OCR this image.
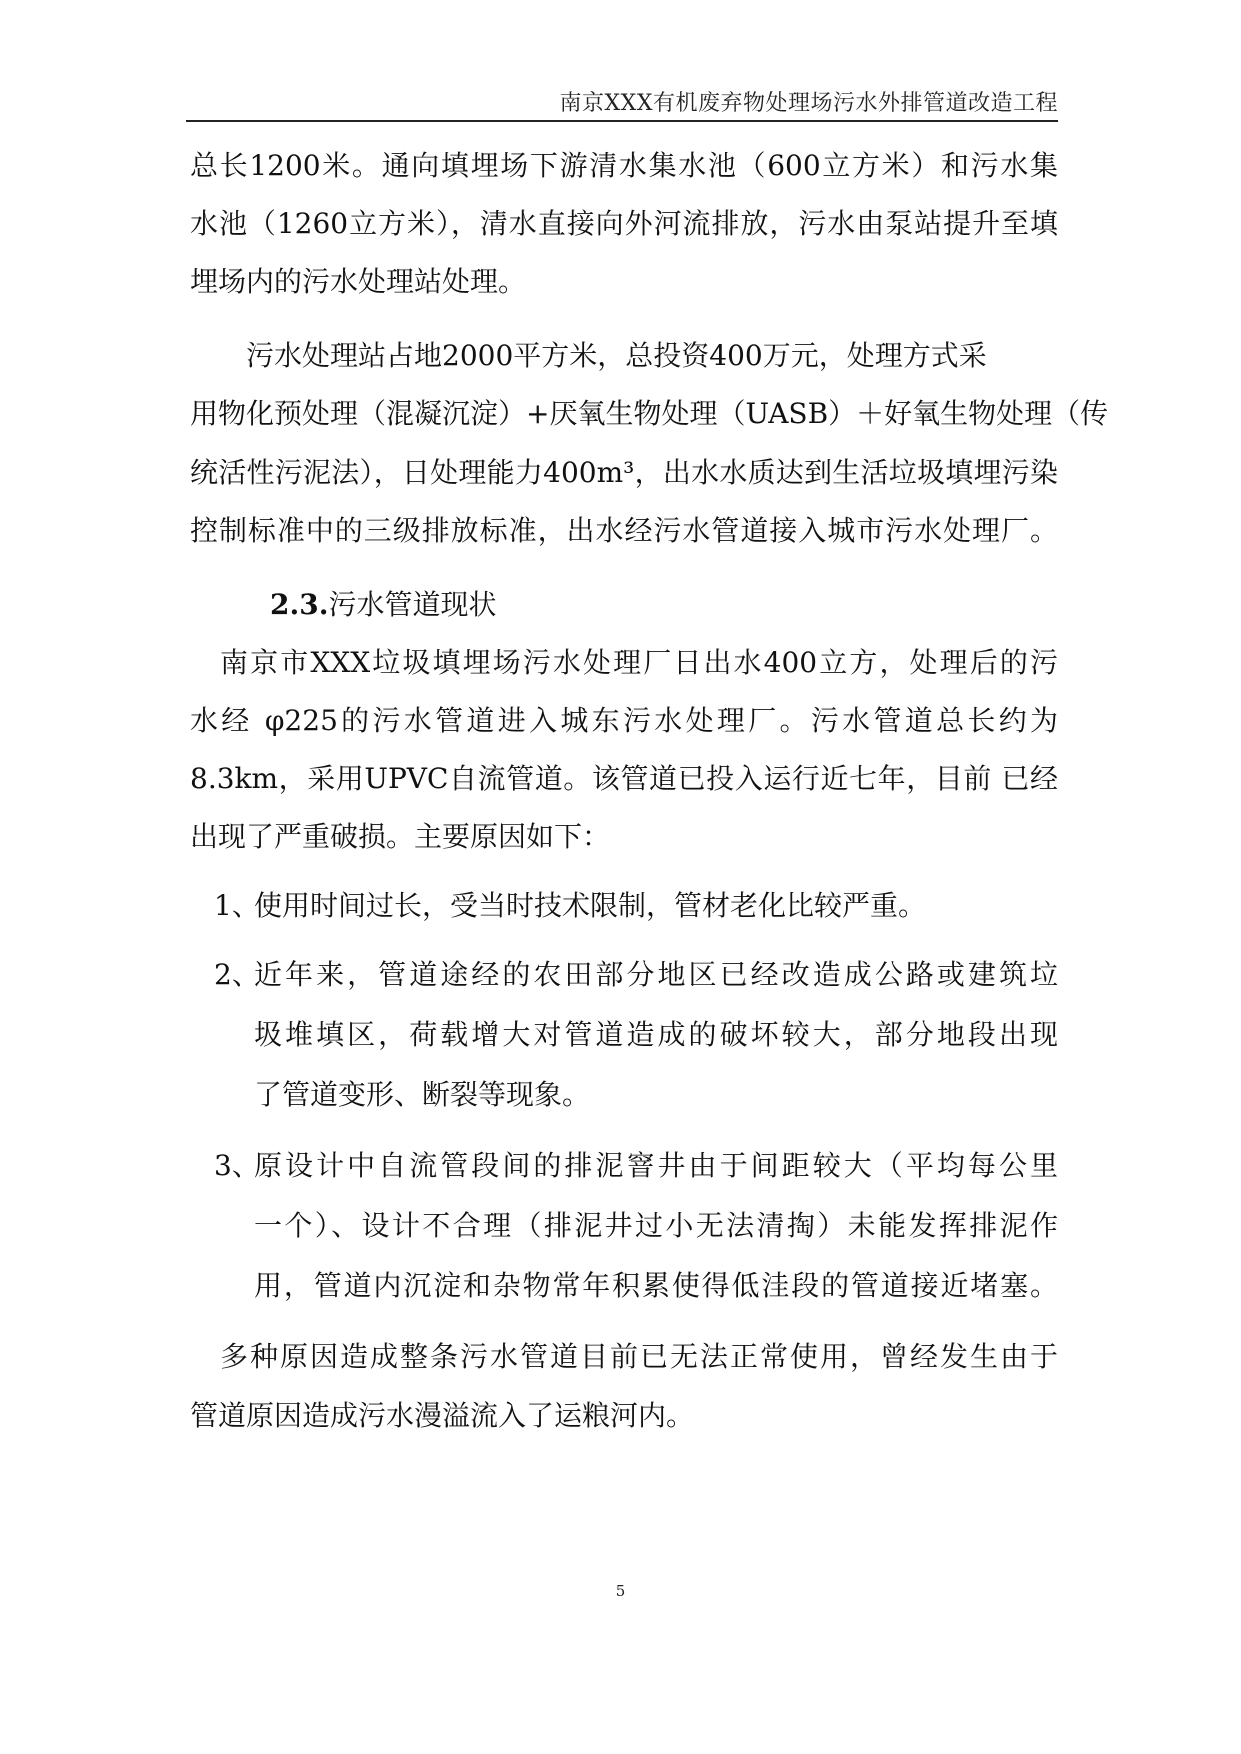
南京XXX有机废弃物处理场污水外排管道改造工程
总长1200米。通向填埋场下游清水集水池（600立方米）和污水集
水池（1260立方米），清水直接向外河流排放，污水由泵站提升至填
埋场内的污水处理站处理。
污水处理站占地2000平方米，总投资400万元，处理方式采
用物化预处理（混凝沉淀）+厌氧生物处理（UASB）＋好氧生物处理（传
统活性污泥法），日处理能力400m³，出水水质达到生活垃圾填埋污染
控制标准中的三级排放标准，出水经污水管道接入城市污水处理厂。
2.3.污水管道现状
南京市XXX垃圾填埋场污水处理厂日出水400立方，处理后的污
水经 φ225的污水管道进入城东污水处理厂。污水管道总长约为
8.3km，采用UPVC自流管道。该管道已投入运行近七年，目前 已经
出现了严重破损。主要原因如下：
1、
使用时间过长，受当时技术限制，管材老化比较严重。
2、
近年来，管道途经的农田部分地区已经改造成公路或建筑垃
圾堆填区，荷载增大对管道造成的破坏较大，部分地段出现
了管道变形、断裂等现象。
3、
原设计中自流管段间的排泥窨井由于间距较大（平均每公里
一个）、设计不合理（排泥井过小无法清掏）未能发挥排泥作
用，管道内沉淀和杂物常年积累使得低洼段的管道接近堵塞。
多种原因造成整条污水管道目前已无法正常使用，曾经发生由于
管道原因造成污水漫溢流入了运粮河内。
5
